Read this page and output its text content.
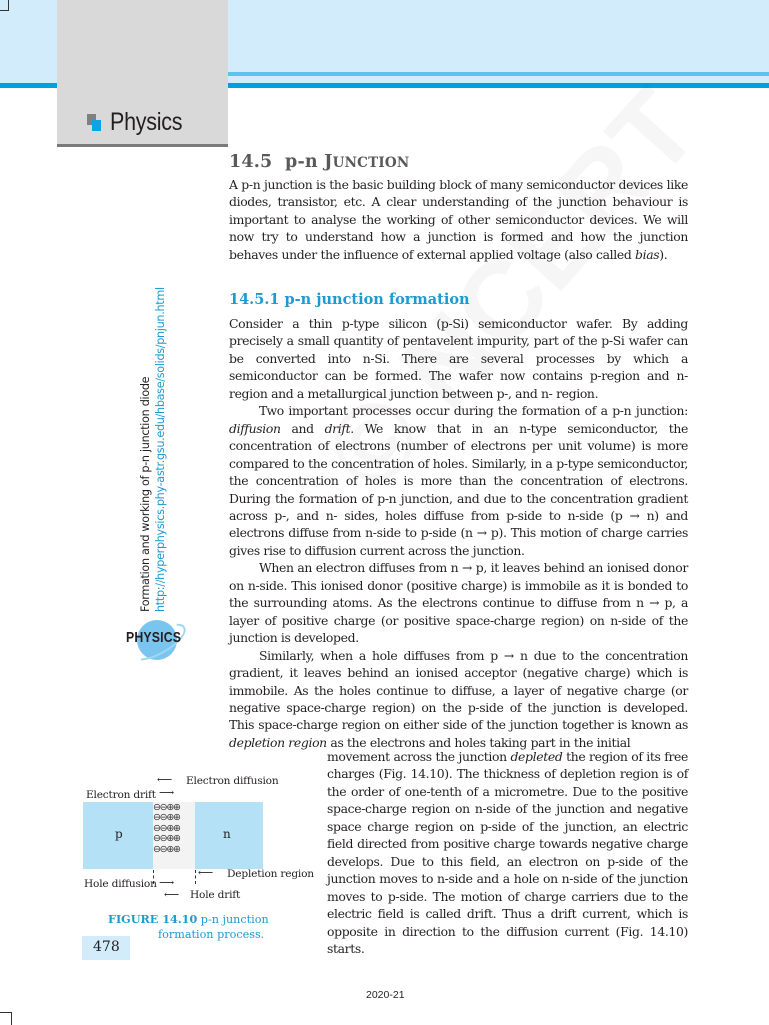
Physics
14.5 p-n JUNCTION
A p-n junction is the basic building block of many semiconductor devices like diodes, transistor, etc. A clear understanding of the junction behaviour is important to analyse the working of other semiconductor devices. We will now try to understand how a junction is formed and how the junction behaves under the influence of external applied voltage (also called bias).
14.5.1 p-n junction formation

Consider a thin p-type silicon (p-Si) semiconductor wafer. By adding precisely a small quantity of pentavelent impurity, part of the p-Si wafer can be converted into n-Si. There are several processes by which a semiconductor can be formed. The wafer now contains p-region and n-region and a metallurgical junction between p-, and n- region.

Two important processes occur during the formation of a p-n junction: diffusion and drift. We know that in an n-type semiconductor, the concentration of electrons (number of electrons per unit volume) is more compared to the concentration of holes. Similarly, in a p-type semiconductor, the concentration of holes is more than the concentration of electrons. During the formation of p-n junction, and due to the concentration gradient across p-, and n- sides, holes diffuse from p-side to n-side (p → n) and electrons diffuse from n-side to p-side (n → p). This motion of charge carries gives rise to diffusion current across the junction.

When an electron diffuses from n → p, it leaves behind an ionised donor on n-side. This ionised donor (positive charge) is immobile as it is bonded to the surrounding atoms. As the electrons continue to diffuse from n → p, a layer of positive charge (or positive space-charge region) on n-side of the junction is developed.

Similarly, when a hole diffuses from p → n due to the concentration gradient, it leaves behind an ionised acceptor (negative charge) which is immobile. As the holes continue to diffuse, a layer of negative charge (or negative space-charge region) on the p-side of the junction is developed. This space-charge region on either side of the junction together is known as depletion region as the electrons and holes taking part in the initial

movement across the junction depleted the region of its free charges (Fig. 14.10). The thickness of depletion region is of the order of one-tenth of a micrometre. Due to the positive space-charge region on n-side of the junction and negative space charge region on p-side of the junction, an electric field directed from positive charge towards negative charge develops. Due to this field, an electron on p-side of the junction moves to n-side and a hole on n-side of the junction moves to p-side. The motion of charge carriers due to the electric field is called drift. Thus a drift current, which is opposite in direction to the diffusion current (Fig. 14.10) starts.
Formation and working of p-n junction diode http://hyperphysics.phy-astr.gsu.edu/hbase/solids/pnjun.html
PHYSICS
⟵ Electron diffusion
Electron drift ⟶
p	n
⊖⊖⊕⊕
⊖⊖⊕⊕
⊖⊖⊕⊕
⊖⊖⊕⊕
⊖⊖⊕⊕
⟵ Depletion region
Hole diffusion ⟶
⟵ Hole drift
FIGURE 14.10 p-n junction
formation process.
478
2020-21
